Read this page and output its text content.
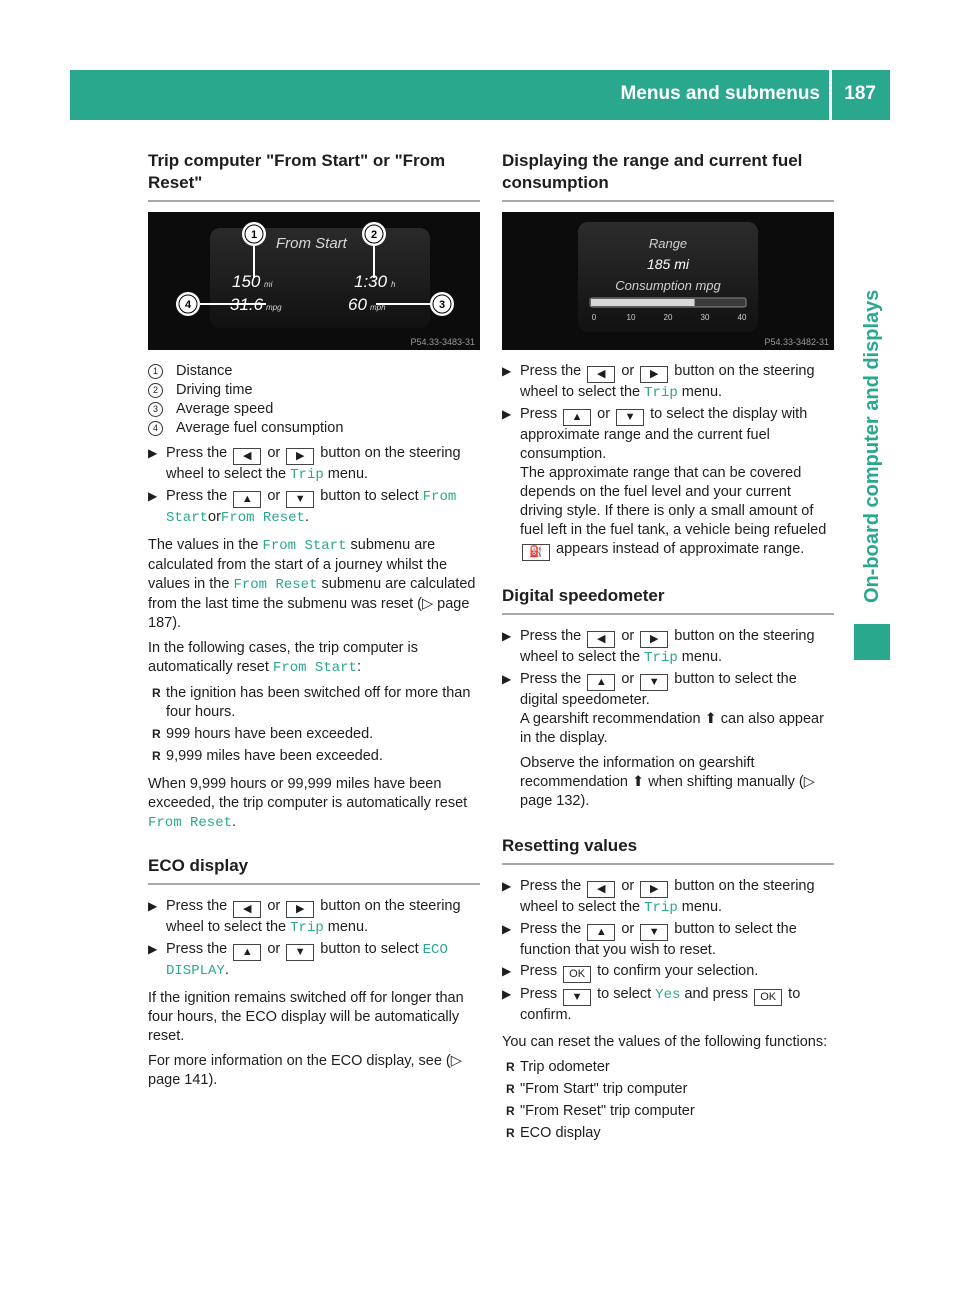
Menus and submenus 187
On-board computer and displays
Trip computer "From Start" or "From Reset"
From Start
150 mi	1:30 h
31.6 mpg	60 mph
1	2
3
4
P54.33-3483-31
1	Distance
2	Driving time
3	Average speed
4	Average fuel consumption
▶ Press the ◀ or ▶ button on the steering wheel to select the Trip menu.
▶ Press the ▲ or ▼ button to select From StartorFrom Reset.

The values in the From Start submenu are calculated from the start of a journey whilst the values in the From Reset submenu are calculated from the last time the submenu was reset (▷ page 187).

In the following cases, the trip computer is automatically reset From Start:

R the ignition has been switched off for more than four hours.
R 999 hours have been exceeded.
R 9,999 miles have been exceeded.

When 9,999 hours or 99,999 miles have been exceeded, the trip computer is automatically reset From Reset.

ECO display
▶ Press the ◀ or ▶ button on the steering wheel to select the Trip menu.
▶ Press the ▲ or ▼ button to select ECO DISPLAY.

If the ignition remains switched off for longer than four hours, the ECO display will be automatically reset.

For more information on the ECO display, see (▷ page 141).

Displaying the range and current fuel consumption
Range
185 mi
Consumption mpg
0	10	20	30	40
P54.33-3482-31
▶ Press the ◀ or ▶ button on the steering wheel to select the Trip menu.
▶ Press ▲ or ▼ to select the display with approximate range and the current fuel consumption.
The approximate range that can be covered depends on the fuel level and your current driving style. If there is only a small amount of fuel left in the fuel tank, a vehicle being refueled ⛽ appears instead of approximate range.
Digital speedometer
▶ Press the ◀ or ▶ button on the steering wheel to select the Trip menu.
▶ Press the ▲ or ▼ button to select the digital speedometer.
A gearshift recommendation ⬆ can also appear in the display.
Observe the information on gearshift recommendation ⬆ when shifting manually (▷ page 132).
Resetting values
▶ Press the ◀ or ▶ button on the steering wheel to select the Trip menu.
▶ Press the ▲ or ▼ button to select the function that you wish to reset.
▶ Press OK to confirm your selection.
▶ Press ▼ to select Yes and press OK to confirm.

You can reset the values of the following functions:

R Trip odometer
R "From Start" trip computer
R "From Reset" trip computer
R ECO display
